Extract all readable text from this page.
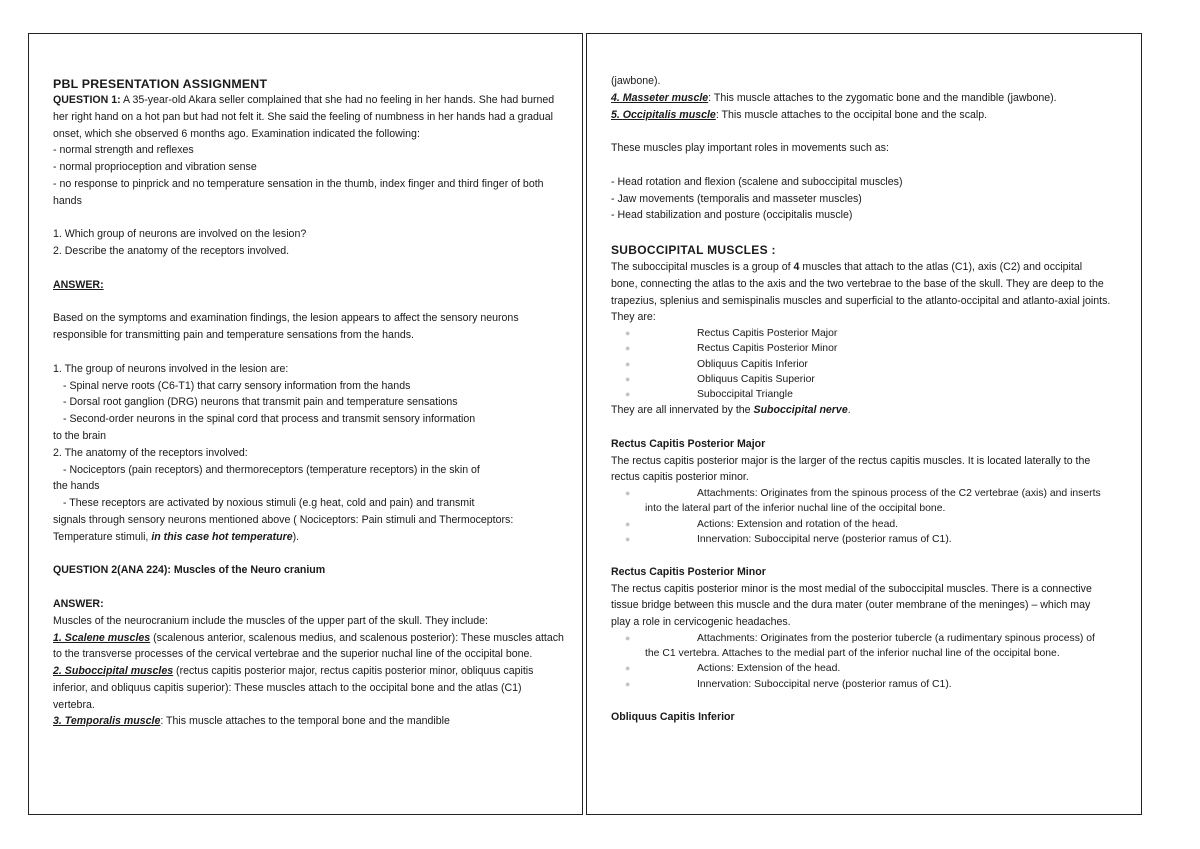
PBL PRESENTATION ASSIGNMENT

QUESTION 1: A 35-year-old Akara seller complained that she had no feeling in her hands. She had burned her right hand on a hot pan but had not felt it. She said the feeling of numbness in her hands had a gradual onset, which she observed 6 months ago. Examination indicated the following:

- normal strength and reflexes

- normal proprioception and vibration sense

- no response to pinprick and no temperature sensation in the thumb, index finger and third finger of both hands

1. Which group of neurons are involved on the lesion?

2. Describe the anatomy of the receptors involved.

ANSWER:

Based on the symptoms and examination findings, the lesion appears to affect the sensory neurons responsible for transmitting pain and temperature sensations from the hands.

1. The group of neurons involved in the lesion are:

- Spinal nerve roots (C6-T1) that carry sensory information from the hands

- Dorsal root ganglion (DRG) neurons that transmit pain and temperature sensations

- Second-order neurons in the spinal cord that process and transmit sensory information

to the brain

2. The anatomy of the receptors involved:

- Nociceptors (pain receptors) and thermoreceptors (temperature receptors) in the skin of

the hands

- These receptors are activated by noxious stimuli (e.g heat, cold and pain) and transmit

signals through sensory neurons mentioned above ( Nociceptors: Pain stimuli and Thermoceptors: Temperature stimuli, in this case hot temperature).

QUESTION 2(ANA 224): Muscles of the Neuro cranium

ANSWER:

Muscles of the neurocranium include the muscles of the upper part of the skull. They include:

1. Scalene muscles (scalenous anterior, scalenous medius, and scalenous posterior): These muscles attach to the transverse processes of the cervical vertebrae and the superior nuchal line of the occipital bone.

2. Suboccipital muscles (rectus capitis posterior major, rectus capitis posterior minor, obliquus capitis inferior, and obliquus capitis superior): These muscles attach to the occipital bone and the atlas (C1) vertebra.

3. Temporalis muscle: This muscle attaches to the temporal bone and the mandible

(jawbone).

4. Masseter muscle: This muscle attaches to the zygomatic bone and the mandible (jawbone).

5. Occipitalis muscle: This muscle attaches to the occipital bone and the scalp.

These muscles play important roles in movements such as:

- Head rotation and flexion (scalene and suboccipital muscles)

- Jaw movements (temporalis and masseter muscles)

- Head stabilization and posture (occipitalis muscle)

SUBOCCIPITAL MUSCLES :

The suboccipital muscles is a group of 4 muscles that attach to the atlas (C1), axis (C2) and occipital bone, connecting the atlas to the axis and the two vertebrae to the base of the skull. They are deep to the trapezius, splenius and semispinalis muscles and superficial to the atlanto-occipital and atlanto-axial joints. They are:

●	Rectus Capitis Posterior Major
●	Rectus Capitis Posterior Minor
●	Obliquus Capitis Inferior
●	Obliquus Capitis Superior
●	Suboccipital Triangle

They are all innervated by the Suboccipital nerve.

Rectus Capitis Posterior Major

The rectus capitis posterior major is the larger of the rectus capitis muscles. It is located laterally to the rectus capitis posterior minor.

●	Attachments: Originates from the spinous process of the C2 vertebrae (axis) and inserts into the lateral part of the inferior nuchal line of the occipital bone.
●	Actions: Extension and rotation of the head.
●	Innervation: Suboccipital nerve (posterior ramus of C1).

Rectus Capitis Posterior Minor

The rectus capitis posterior minor is the most medial of the suboccipital muscles. There is a connective tissue bridge between this muscle and the dura mater (outer membrane of the meninges) – which may play a role in cervicogenic headaches.

●	Attachments: Originates from the posterior tubercle (a rudimentary spinous process) of the C1 vertebra. Attaches to the medial part of the inferior nuchal line of the occipital bone.
●	Actions: Extension of the head.
●	Innervation: Suboccipital nerve (posterior ramus of C1).

Obliquus Capitis Inferior
